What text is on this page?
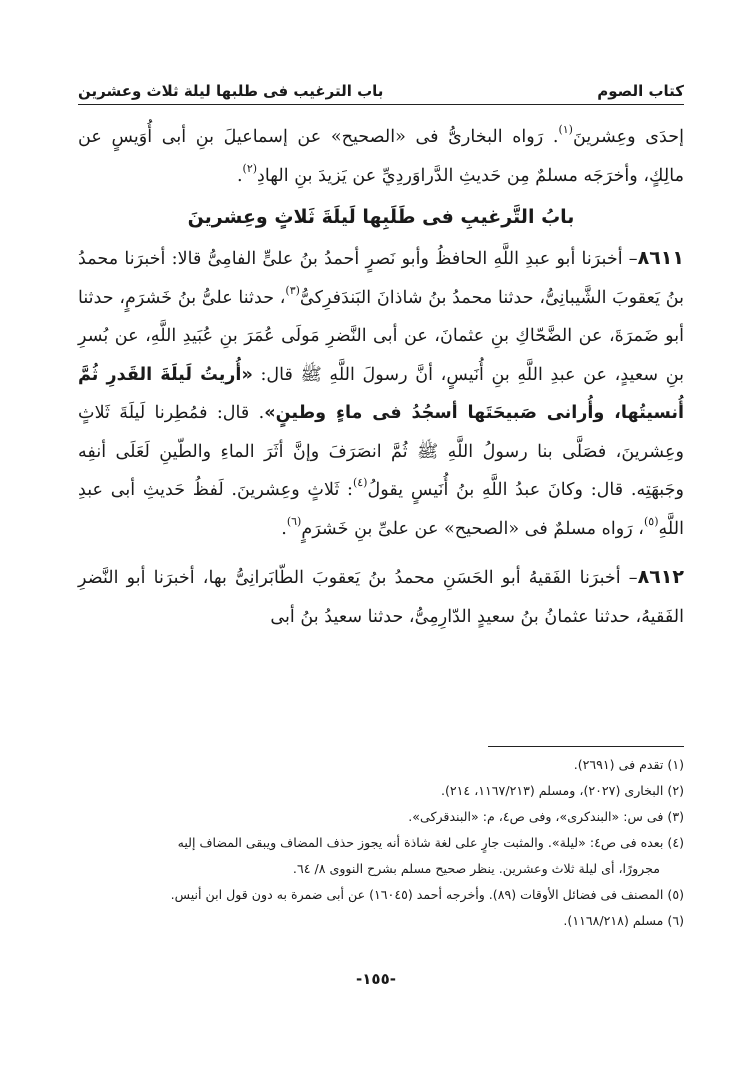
كتاب الصوم
باب الترغيب فى طلبها ليلة ثلاث وعشرين

إحدَى وعِشرينَ$^{(١)}$. رَواه البخارىُّ فى «الصحيح» عن إسماعيلَ بنِ أبى أُوَيسٍ عن مالِكٍ، وأخرَجَه مسلمٌ مِن حَديثِ الدَّراوَردِيِّ عن يَزيدَ بنِ الهادِ$^{(٢)}$.

بابُ التَّرغيبِ فى طَلَبِها لَيلَةَ ثَلاثٍ وعِشرينَ

٨٦١١– أخبرَنا أبو عبدِ اللَّهِ الحافظُ وأبو نَصرٍ أحمدُ بنُ علىٍّ الفامِىُّ قالا: أخبرَنا محمدُ بنُ يَعقوبَ الشَّيبانِىُّ، حدثنا محمدُ بنُ شاذانَ البَندَفرِكىُّ$^{(٣)}$، حدثنا علىُّ بنُ خَشرَمٍ، حدثنا أبو ضَمرَةَ، عن الضَّحّاكِ بنِ عثمانَ، عن أبى النَّضرِ مَولَى عُمَرَ بنِ عُبَيدِ اللَّهِ، عن بُسرِ بنِ سعيدٍ، عن عبدِ اللَّهِ بنِ أُنَيسٍ، أنَّ رسولَ اللَّهِ ﷺ قال: «أُريتُ لَيلَةَ القَدرِ ثُمَّ أُنسيتُها، وأُرانى صَبيحَتَها أسجُدُ فى ماءٍ وطينٍ». قال: فمُطِرنا لَيلَةَ ثَلاثٍ وعِشرينَ، فصَلَّى بنا رسولُ اللَّهِ ﷺ ثُمَّ انصَرَفَ وإنَّ أثَرَ الماءِ والطّينِ لَعَلَى أنفِه وجَبهَتِه. قال: وكانَ عبدُ اللَّهِ بنُ أُنَيسٍ يقولُ$^{(٤)}$: ثَلاثٍ وعِشرينَ. لَفظُ حَديثِ أبى عبدِ اللَّهِ$^{(٥)}$، رَواه مسلمٌ فى «الصحيح» عن علىِّ بنِ خَشرَمٍ$^{(٦)}$.

٨٦١٢– أخبرَنا الفَقيهُ أبو الحَسَنِ محمدُ بنُ يَعقوبَ الطّابَرانِىُّ بها، أخبرَنا أبو النَّضرِ الفَقيهُ، حدثنا عثمانُ بنُ سعيدٍ الدّارِمِىُّ، حدثنا سعيدُ بنُ أبى

(١) تقدم فى (٢٦٩١).
(٢) البخارى (٢٠٢٧)، ومسلم (١١٦٧/٢١٣، ٢١٤).
(٣) فى س: «البندكرى»، وفى ص٤، م: «البندقركى».
(٤) بعده فى ص٤: «ليلة». والمثبت جارٍ على لغة شاذة أنه يجوز حذف المضاف ويبقى المضاف إليه
مجرورًا، أى ليلة ثلاث وعشرين. ينظر صحيح مسلم بشرح النووى ٨/ ٦٤.
(٥) المصنف فى فضائل الأوقات (٨٩). وأخرجه أحمد (١٦٠٤٥) عن أبى ضمرة به دون قول ابن أنيس.
(٦) مسلم (١١٦٨/٢١٨).
-١٥٥-
